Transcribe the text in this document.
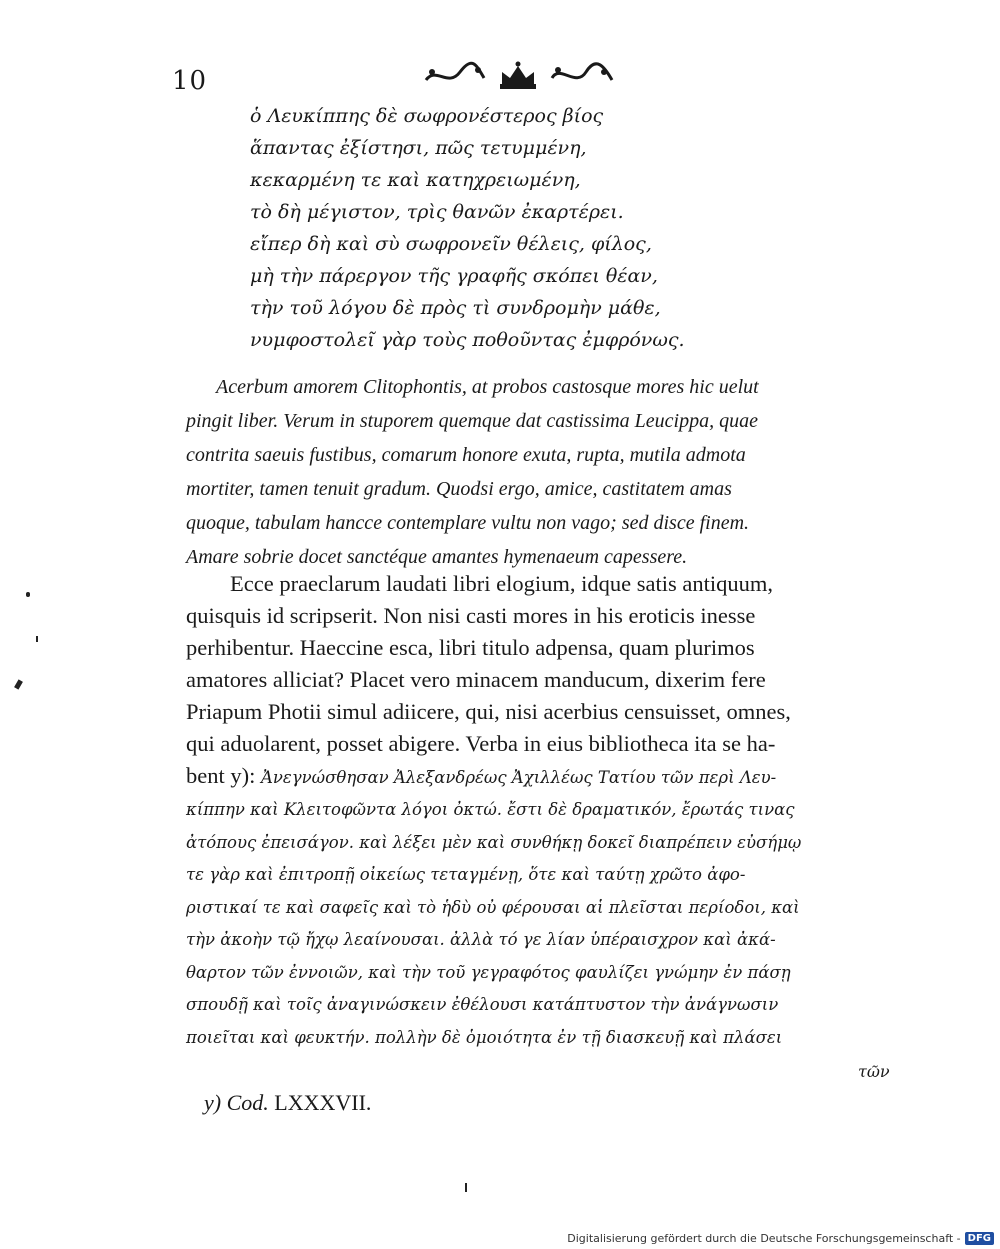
10
ὁ Λευκίππης δὲ σωφρονέστερος βίος
ἅπαντας ἐξίστησι, πῶς τετυμμένη,
κεκαρμένη τε καὶ κατηχρειωμένη,
τὸ δὴ μέγιστον, τρὶς θανῶν ἐκαρτέρει.
εἴπερ δὴ καὶ σὺ σωφρονεῖν θέλεις, φίλος,
μὴ τὴν πάρεργον τῆς γραφῆς σκόπει θέαν,
τὴν τοῦ λόγου δὲ πρὸς τὶ συνδρομὴν μάθε,
νυμφοστολεῖ γὰρ τοὺς ποθοῦντας ἐμφρόνως.
Acerbum amorem Clitophontis, at probos castosque mores hic uelut
pingit liber. Verum in stuporem quemque dat castissima Leucippa, quae
contrita saeuis fustibus, comarum honore exuta, rupta, mutila admota
mortiter, tamen tenuit gradum. Quodsi ergo, amice, castitatem amas
quoque, tabulam hancce contemplare vultu non vago; sed disce finem.
Amare sobrie docet sanctéque amantes hymenaeum capessere.
Ecce praeclarum laudati libri elogium, idque satis antiquum,
quisquis id scripserit. Non nisi casti mores in his eroticis inesse
perhibentur. Haeccine esca, libri titulo adpensa, quam plurimos
amatores alliciat? Placet vero minacem manducum, dixerim fere
Priapum Photii simul adiicere, qui, nisi acerbius censuisset, omnes,
qui aduolarent, posset abigere. Verba in eius bibliotheca ita se ha-
bent y): Ἀνεγνώσθησαν Ἀλεξανδρέως Ἀχιλλέως Τατίου τῶν περὶ Λευ-
κίππην καὶ Κλειτοφῶντα λόγοι ὀκτώ. ἔστι δὲ δραματικόν, ἔρωτάς τινας
ἀτόπους ἐπεισάγον. καὶ λέξει μὲν καὶ συνθήκῃ δοκεῖ διαπρέπειν εὐσήμῳ
τε γὰρ καὶ ἐπιτροπῇ οἰκείως τεταγμένῃ, ὅτε καὶ ταύτῃ χρῶτο ἀφο-
ριστικαί τε καὶ σαφεῖς καὶ τὸ ἡδὺ οὐ φέρουσαι αἱ πλεῖσται περίοδοι, καὶ
τὴν ἀκοὴν τῷ ἤχῳ λεαίνουσαι. ἀλλὰ τό γε λίαν ὑπέραισχρον καὶ ἀκά-
θαρτον τῶν ἐννοιῶν, καὶ τὴν τοῦ γεγραφότος φαυλίζει γνώμην ἐν πάσῃ
σπουδῇ καὶ τοῖς ἀναγινώσκειν ἐθέλουσι κατάπτυστον τὴν ἀνάγνωσιν
ποιεῖται καὶ φευκτήν. πολλὴν δὲ ὁμοιότητα ἐν τῇ διασκευῇ καὶ πλάσει
τῶν
y) Cod. LXXXVII.
Digitalisierung gefördert durch die Deutsche Forschungsgemeinschaft - DFG
